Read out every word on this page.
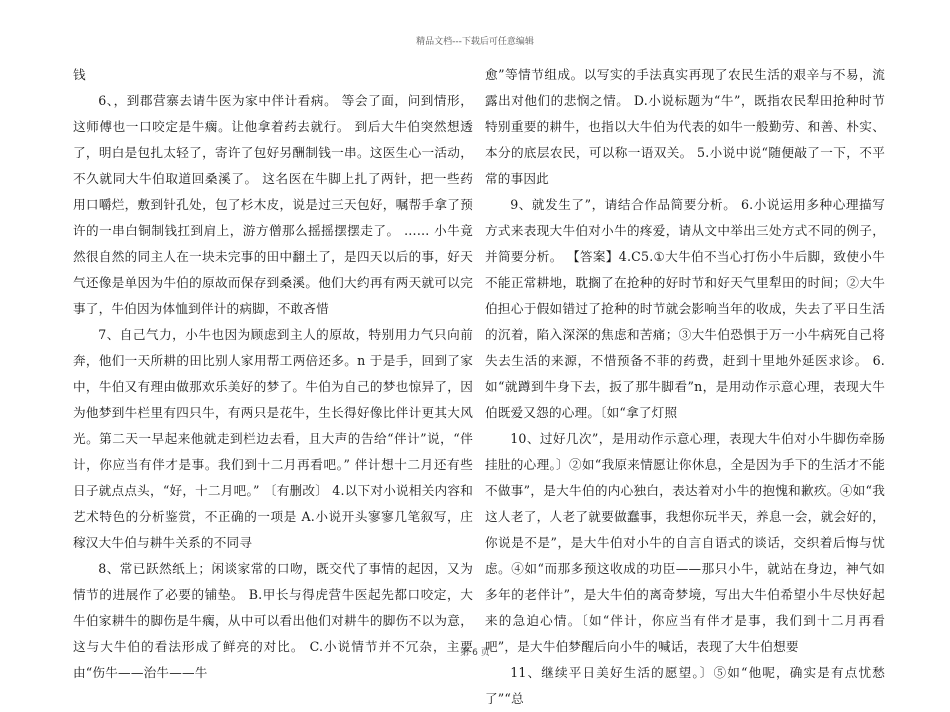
精品文档---下载后可任意编辑

钱

6、，到郡营寨去请牛医为家中伴计看病。 等会了面，问到情形，这师傅也一口咬定是牛瘸。让他拿着药去就行。 到后大牛伯突然想透了，明白是包扎太轻了，寄许了包好另酬制钱一串。这医生心一活动，不久就同大牛伯取道回桑溪了。 这名医在牛脚上扎了两针，把一些药用口嚼烂，敷到针孔处，包了杉木皮，说是过三天包好，嘱帮手拿了预许的一串白铜制钱扛到肩上，游方僧那么摇摇摆摆走了。 …… 小牛竟然很自然的同主人在一块未完事的田中翻土了，是四天以后的事，好天气还像是单因为牛伯的原故而保存到桑溪。他们大约再有两天就可以完事了，牛伯因为体恤到伴计的病脚，不敢吝惜

7、自己气力，小牛也因为顾虑到主人的原故，特别用力气只向前奔，他们一天所耕的田比别人家用帮工两倍还多。n 于是手，回到了家中，牛伯又有理由做那欢乐美好的梦了。牛伯为自己的梦也惊异了，因为他梦到牛栏里有四只牛，有两只是花牛，生长得好像比伴计更其大风光。第二天一早起来他就走到栏边去看，且大声的告给“伴计”说，“伴计，你应当有伴才是事。我们到十二月再看吧。” 伴计想十二月还有些日子就点点头，“好，十二月吧。” 〔有删改〕 4.以下对小说相关内容和艺术特色的分析鉴赏，不正确的一项是 A.小说开头寥寥几笔叙写，庄稼汉大牛伯与耕牛关系的不同寻

8、常已跃然纸上；闲谈家常的口吻，既交代了事情的起因，又为情节的进展作了必要的铺垫。 B.甲长与得虎营牛医起先都口咬定，大牛伯家耕牛的脚伤是牛瘸，从中可以看出他们对耕牛的脚伤不以为意，这与大牛伯的看法形成了鲜亮的对比。 C.小说情节并不冗杂，主要由“伤牛——治牛——牛

愈”等情节组成。以写实的手法真实再现了农民生活的艰辛与不易，流露出对他们的悲悯之情。 D.小说标题为“牛”，既指农民犁田抢种时节特别重要的耕牛，也指以大牛伯为代表的如牛一般勤劳、和善、朴实、本分的底层农民，可以称一语双关。 5.小说中说“随便敲了一下，不平常的事因此

9、就发生了”，请结合作品简要分析。 6.小说运用多种心理描写方式来表现大牛伯对小牛的疼爱，请从文中举出三处方式不同的例子，并简要分析。 【答案】4.C5.①大牛伯不当心打伤小牛后脚，致使小牛不能正常耕地，耽搁了在抢种的好时节和好天气里犁田的时间；②大牛伯担心于假如错过了抢种的时节就会影响当年的收成，失去了平日生活的沉着，陷入深深的焦虑和苦痛；③大牛伯恐惧于万一小牛病死自己将失去生活的来源，不惜预备不菲的药费，赶到十里地外延医求诊。 6.如“就蹲到牛身下去，扳了那牛脚看”n，是用动作示意心理，表现大牛伯既爱又怨的心理。〔如“拿了灯照

10、过好几次”，是用动作示意心理，表现大牛伯对小牛脚伤牵肠挂肚的心理。〕②如“我原来情愿让你休息，全是因为手下的生活才不能不做事”，是大牛伯的内心独白，表达着对小牛的抱愧和歉疚。④如“我这人老了，人老了就要做蠢事，我想你玩半天，养息一会，就会好的，你说是不是”，是大牛伯对小牛的自言自语式的谈话，交织着后悔与忧虑。④如“而那多预这收成的功臣——那只小牛，就站在身边，神气如多年的老伴计”，是大牛伯的离奇梦境，写出大牛伯希望小牛尽快好起来的急迫心情。〔如“伴计，你应当有伴才是事，我们到十二月再看吧”，是大牛伯梦醒后向小牛的喊话，表现了大牛伯想要

11、继续平日美好生活的愿望。〕⑤如“他呢，确实是有点忧愁了”“总

第 6 页
